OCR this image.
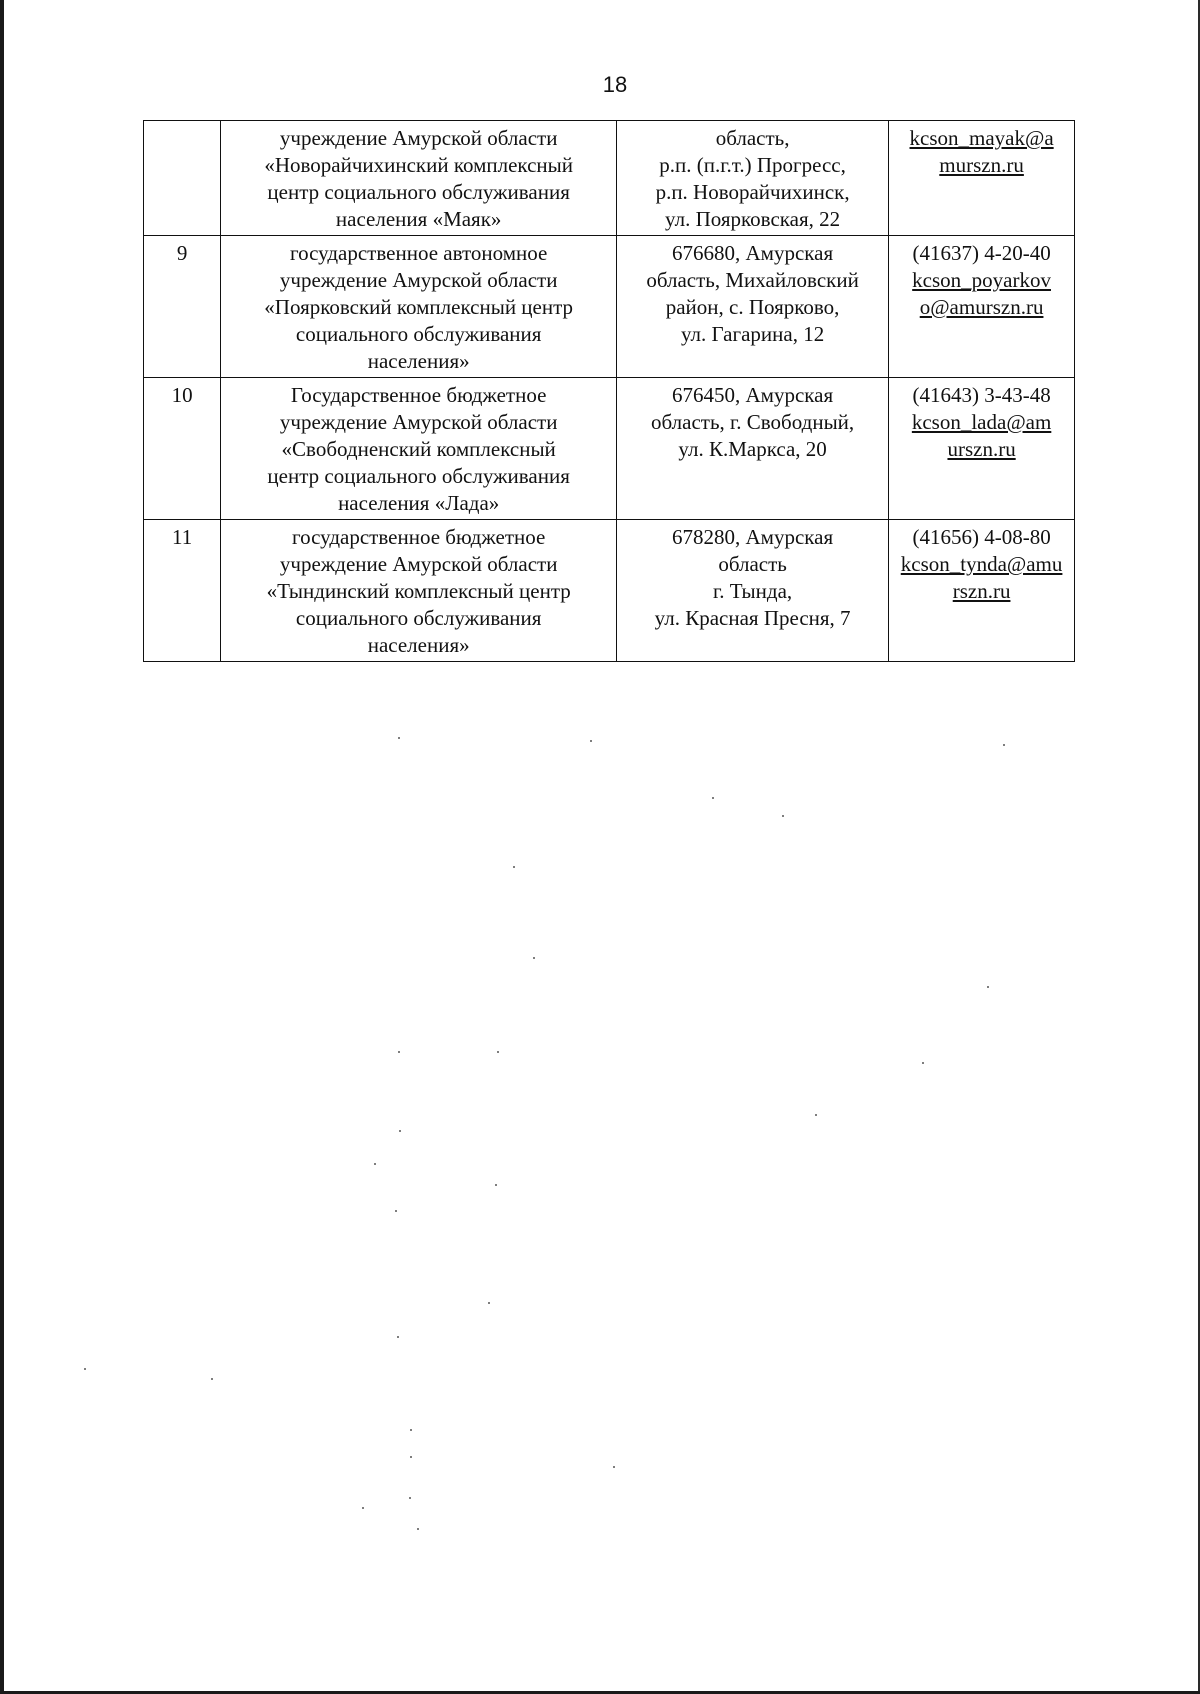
18

	учреждение Амурской области
«Новорайчихинский комплексный
центр социального обслуживания
населения «Маяк»	область,
р.п. (п.г.т.) Прогресс,
р.п. Новорайчихинск,
ул. Поярковская, 22	kcson_mayak@a
murszn.ru

9	государственное автономное
учреждение Амурской области
«Поярковский комплексный центр
социального обслуживания
населения»	676680, Амурская
область, Михайловский
район, с. Поярково,
ул. Гагарина, 12	(41637) 4-20-40
kcson_poyarkov
o@amurszn.ru

10	Государственное бюджетное
учреждение Амурской области
«Свободненский комплексный
центр социального обслуживания
населения «Лада»	676450, Амурская
область, г. Свободный,
ул. К.Маркса, 20	(41643) 3-43-48
kcson_lada@am
urszn.ru

11	государственное бюджетное
учреждение Амурской области
«Тындинский комплексный центр
социального обслуживания
населения»	678280, Амурская
область
г. Тында,
ул. Красная Пресня, 7	(41656) 4-08-80
kcson_tynda@amu
rszn.ru
